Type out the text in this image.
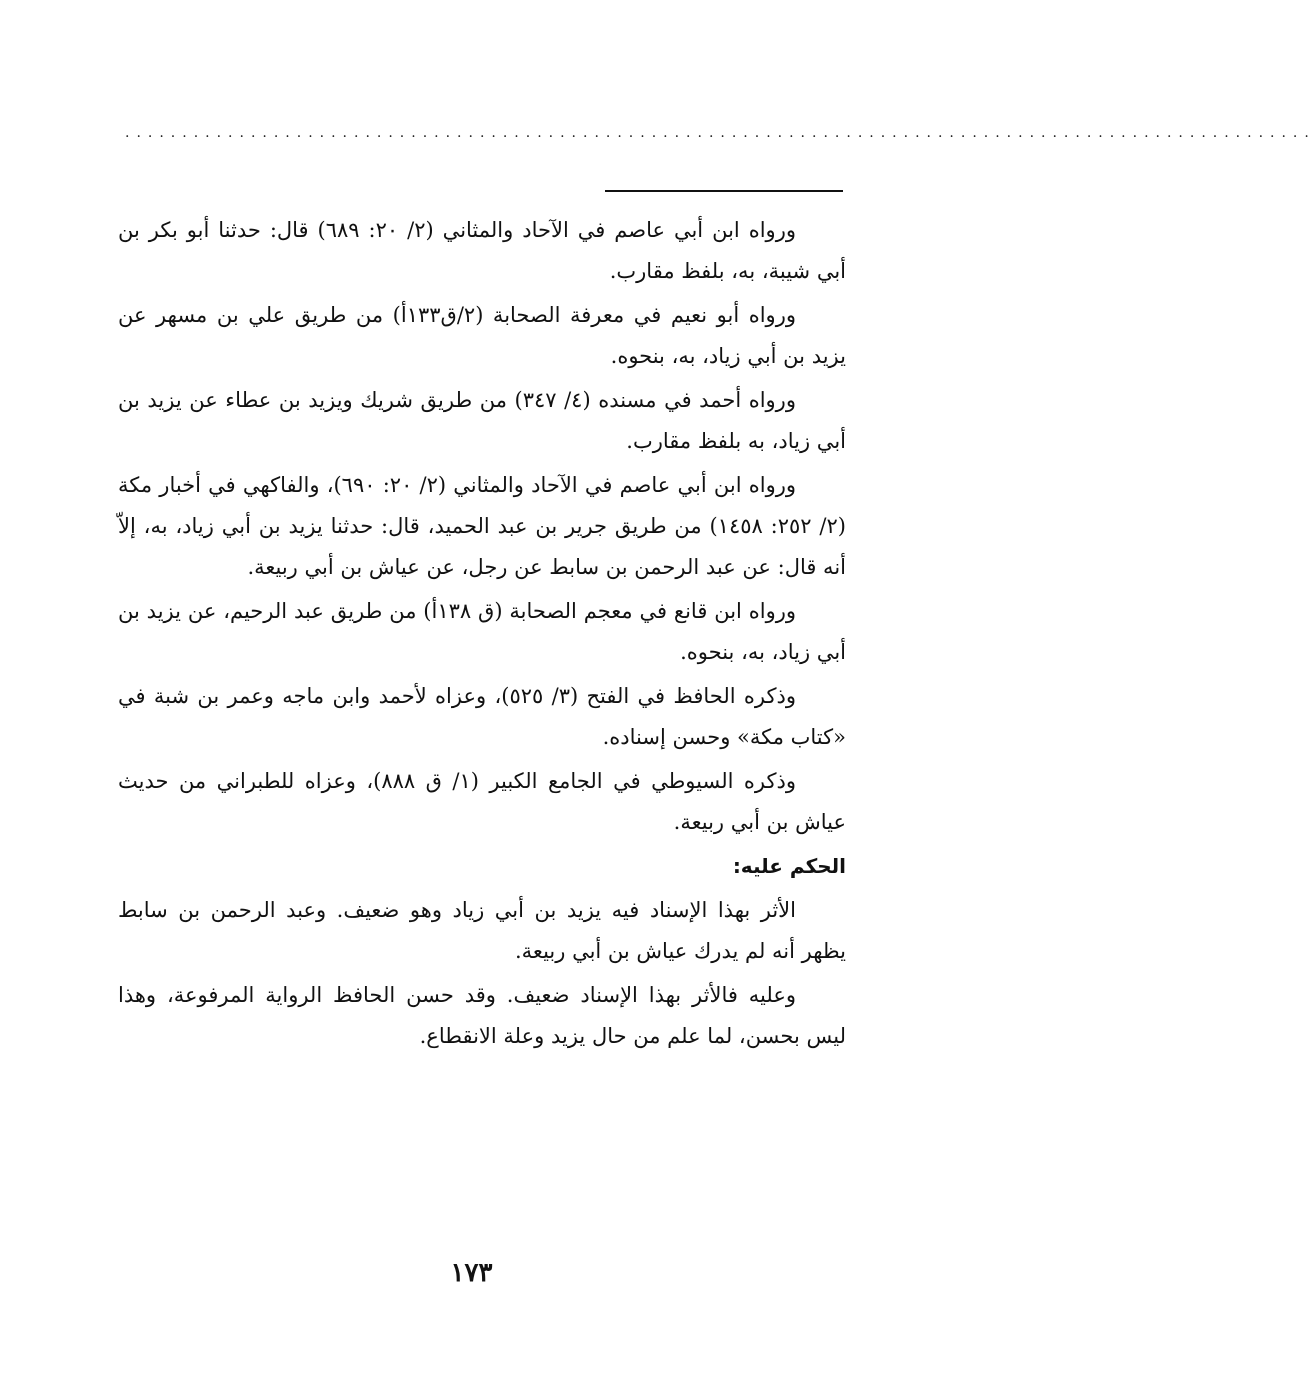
........................................................................................................

ورواه ابن أبي عاصم في الآحاد والمثاني (٢/ ٢٠: ٦٨٩) قال: حدثنا أبو بكر بن أبي شيبة، به، بلفظ مقارب.

ورواه أبو نعيم في معرفة الصحابة (٢/ق١٣٣أ) من طريق علي بن مسهر عن يزيد بن أبي زياد، به، بنحوه.

ورواه أحمد في مسنده (٤/ ٣٤٧) من طريق شريك ويزيد بن عطاء عن يزيد بن أبي زياد، به بلفظ مقارب.

ورواه ابن أبي عاصم في الآحاد والمثاني (٢/ ٢٠: ٦٩٠)، والفاكهي في أخبار مكة (٢/ ٢٥٢: ١٤٥٨) من طريق جرير بن عبد الحميد، قال: حدثنا يزيد بن أبي زياد، به، إلاّ أنه قال: عن عبد الرحمن بن سابط عن رجل، عن عياش بن أبي ربيعة.

ورواه ابن قانع في معجم الصحابة (ق ١٣٨أ) من طريق عبد الرحيم، عن يزيد بن أبي زياد، به، بنحوه.

وذكره الحافظ في الفتح (٣/ ٥٢٥)، وعزاه لأحمد وابن ماجه وعمر بن شبة في «كتاب مكة» وحسن إسناده.

وذكره السيوطي في الجامع الكبير (١/ ق ٨٨٨)، وعزاه للطبراني من حديث عياش بن أبي ربيعة.

الحكم عليه:

الأثر بهذا الإسناد فيه يزيد بن أبي زياد وهو ضعيف. وعبد الرحمن بن سابط يظهر أنه لم يدرك عياش بن أبي ربيعة.

وعليه فالأثر بهذا الإسناد ضعيف. وقد حسن الحافظ الرواية المرفوعة، وهذا ليس بحسن، لما علم من حال يزيد وعلة الانقطاع.

١٧٣
